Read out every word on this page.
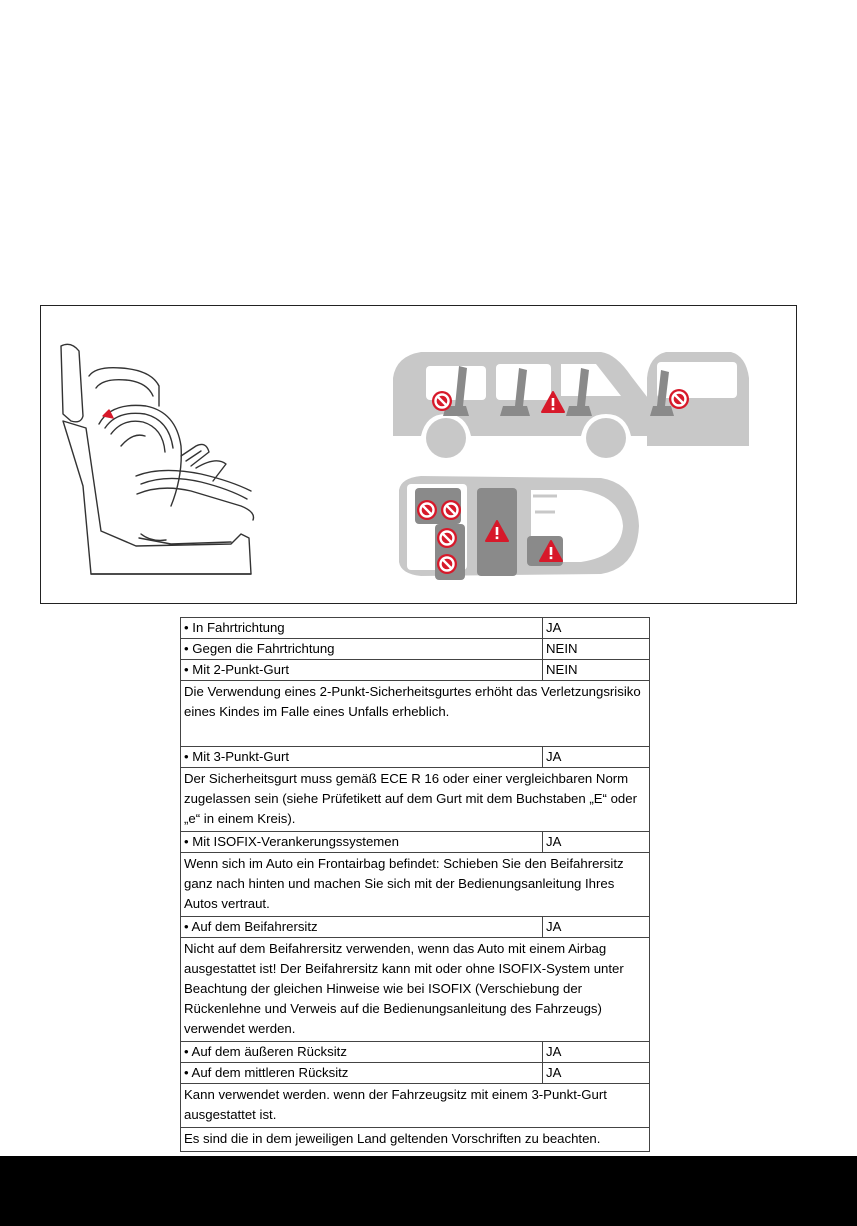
• In Fahrtrichtung	JA
• Gegen die Fahrtrichtung	NEIN
• Mit 2-Punkt-Gurt	NEIN
Die Verwendung eines 2-Punkt-Sicherheitsgurtes erhöht das Verletzungsrisiko eines Kindes im Falle eines Unfalls erheblich.	
• Mit 3-Punkt-Gurt	JA
Der Sicherheitsgurt muss gemäß ECE R 16 oder einer vergleichbaren Norm zugelassen sein (siehe Prüfetikett auf dem Gurt mit dem Buchstaben „E“ oder „e“ in einem Kreis).	
• Mit ISOFIX-Verankerungssystemen	JA
Wenn sich im Auto ein Frontairbag befindet: Schieben Sie den Beifahrersitz ganz nach hinten und machen Sie sich mit der Bedienungsanleitung Ihres Autos vertraut.	
• Auf dem Beifahrersitz	JA
Nicht auf dem Beifahrersitz verwenden, wenn das Auto mit einem Airbag ausgestattet ist! Der Beifahrersitz kann mit oder ohne ISOFIX-System unter Beachtung der gleichen Hinweise wie bei ISOFIX (Verschiebung der Rückenlehne und Verweis auf die Bedienungsanleitung des Fahrzeugs) verwendet werden.	
• Auf dem äußeren Rücksitz	JA
• Auf dem mittleren Rücksitz	JA
Kann verwendet werden. wenn der Fahrzeugsitz mit einem 3-Punkt-Gurt ausgestattet ist.	
Es sind die in dem jeweiligen Land geltenden Vorschriften zu beachten.	
